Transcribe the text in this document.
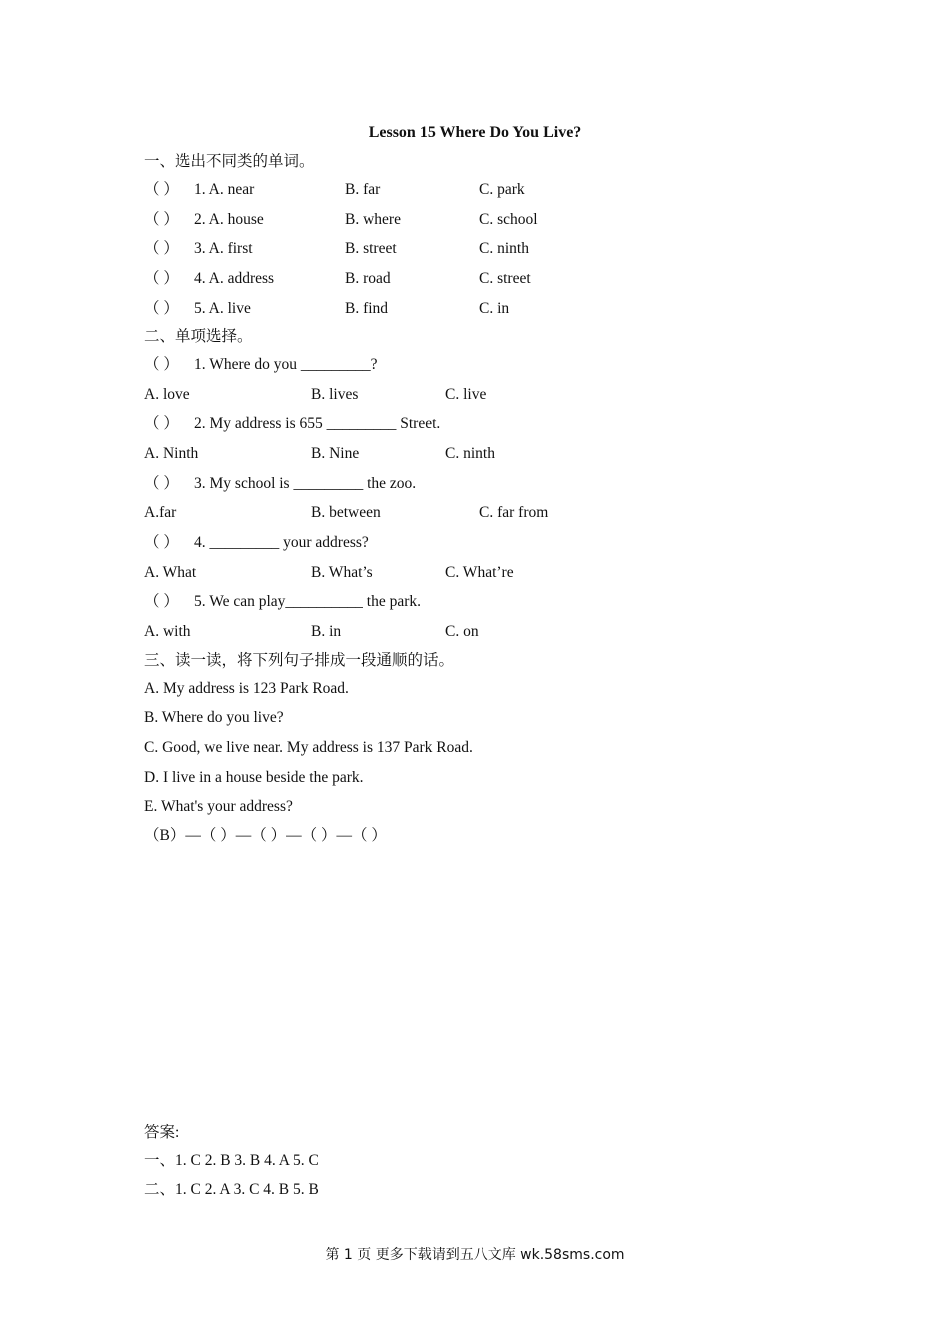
Lesson 15 Where Do You Live?
一、选出不同类的单词。
（ ） 1. A. near	B. far	C. park
（ ） 2. A. house	B. where	C. school
（ ） 3. A. first	B. street	C. ninth
（ ） 4. A. address	B. road	C. street
（ ） 5. A. live	B. find	C. in
二、单项选择。
（ ） 1. Where do you _________?
A. love	B. lives	C. live
（ ） 2. My address is 655 _________ Street.
A. Ninth	B. Nine	C. ninth
（ ） 3. My school is _________ the zoo.
A.far	B. between	C. far from
（ ） 4. _________ your address?
A. What	B. What’s	C. What’re
（ ） 5. We can play__________ the park.
A. with	B. in	C. on
三、读一读，将下列句子排成一段通顺的话。
A. My address is 123 Park Road.
B. Where do you live?
C. Good, we live near. My address is 137 Park Road.
D. I live in a house beside the park.
E. What's your address?
（B）—（ ）—（ ）—（ ）—（ ）
答案:
一、1. C 2. B 3. B 4. A 5. C
二、1. C 2. A 3. C 4. B 5. B
第 1 页 更多下载请到五八文库 wk.58sms.com
